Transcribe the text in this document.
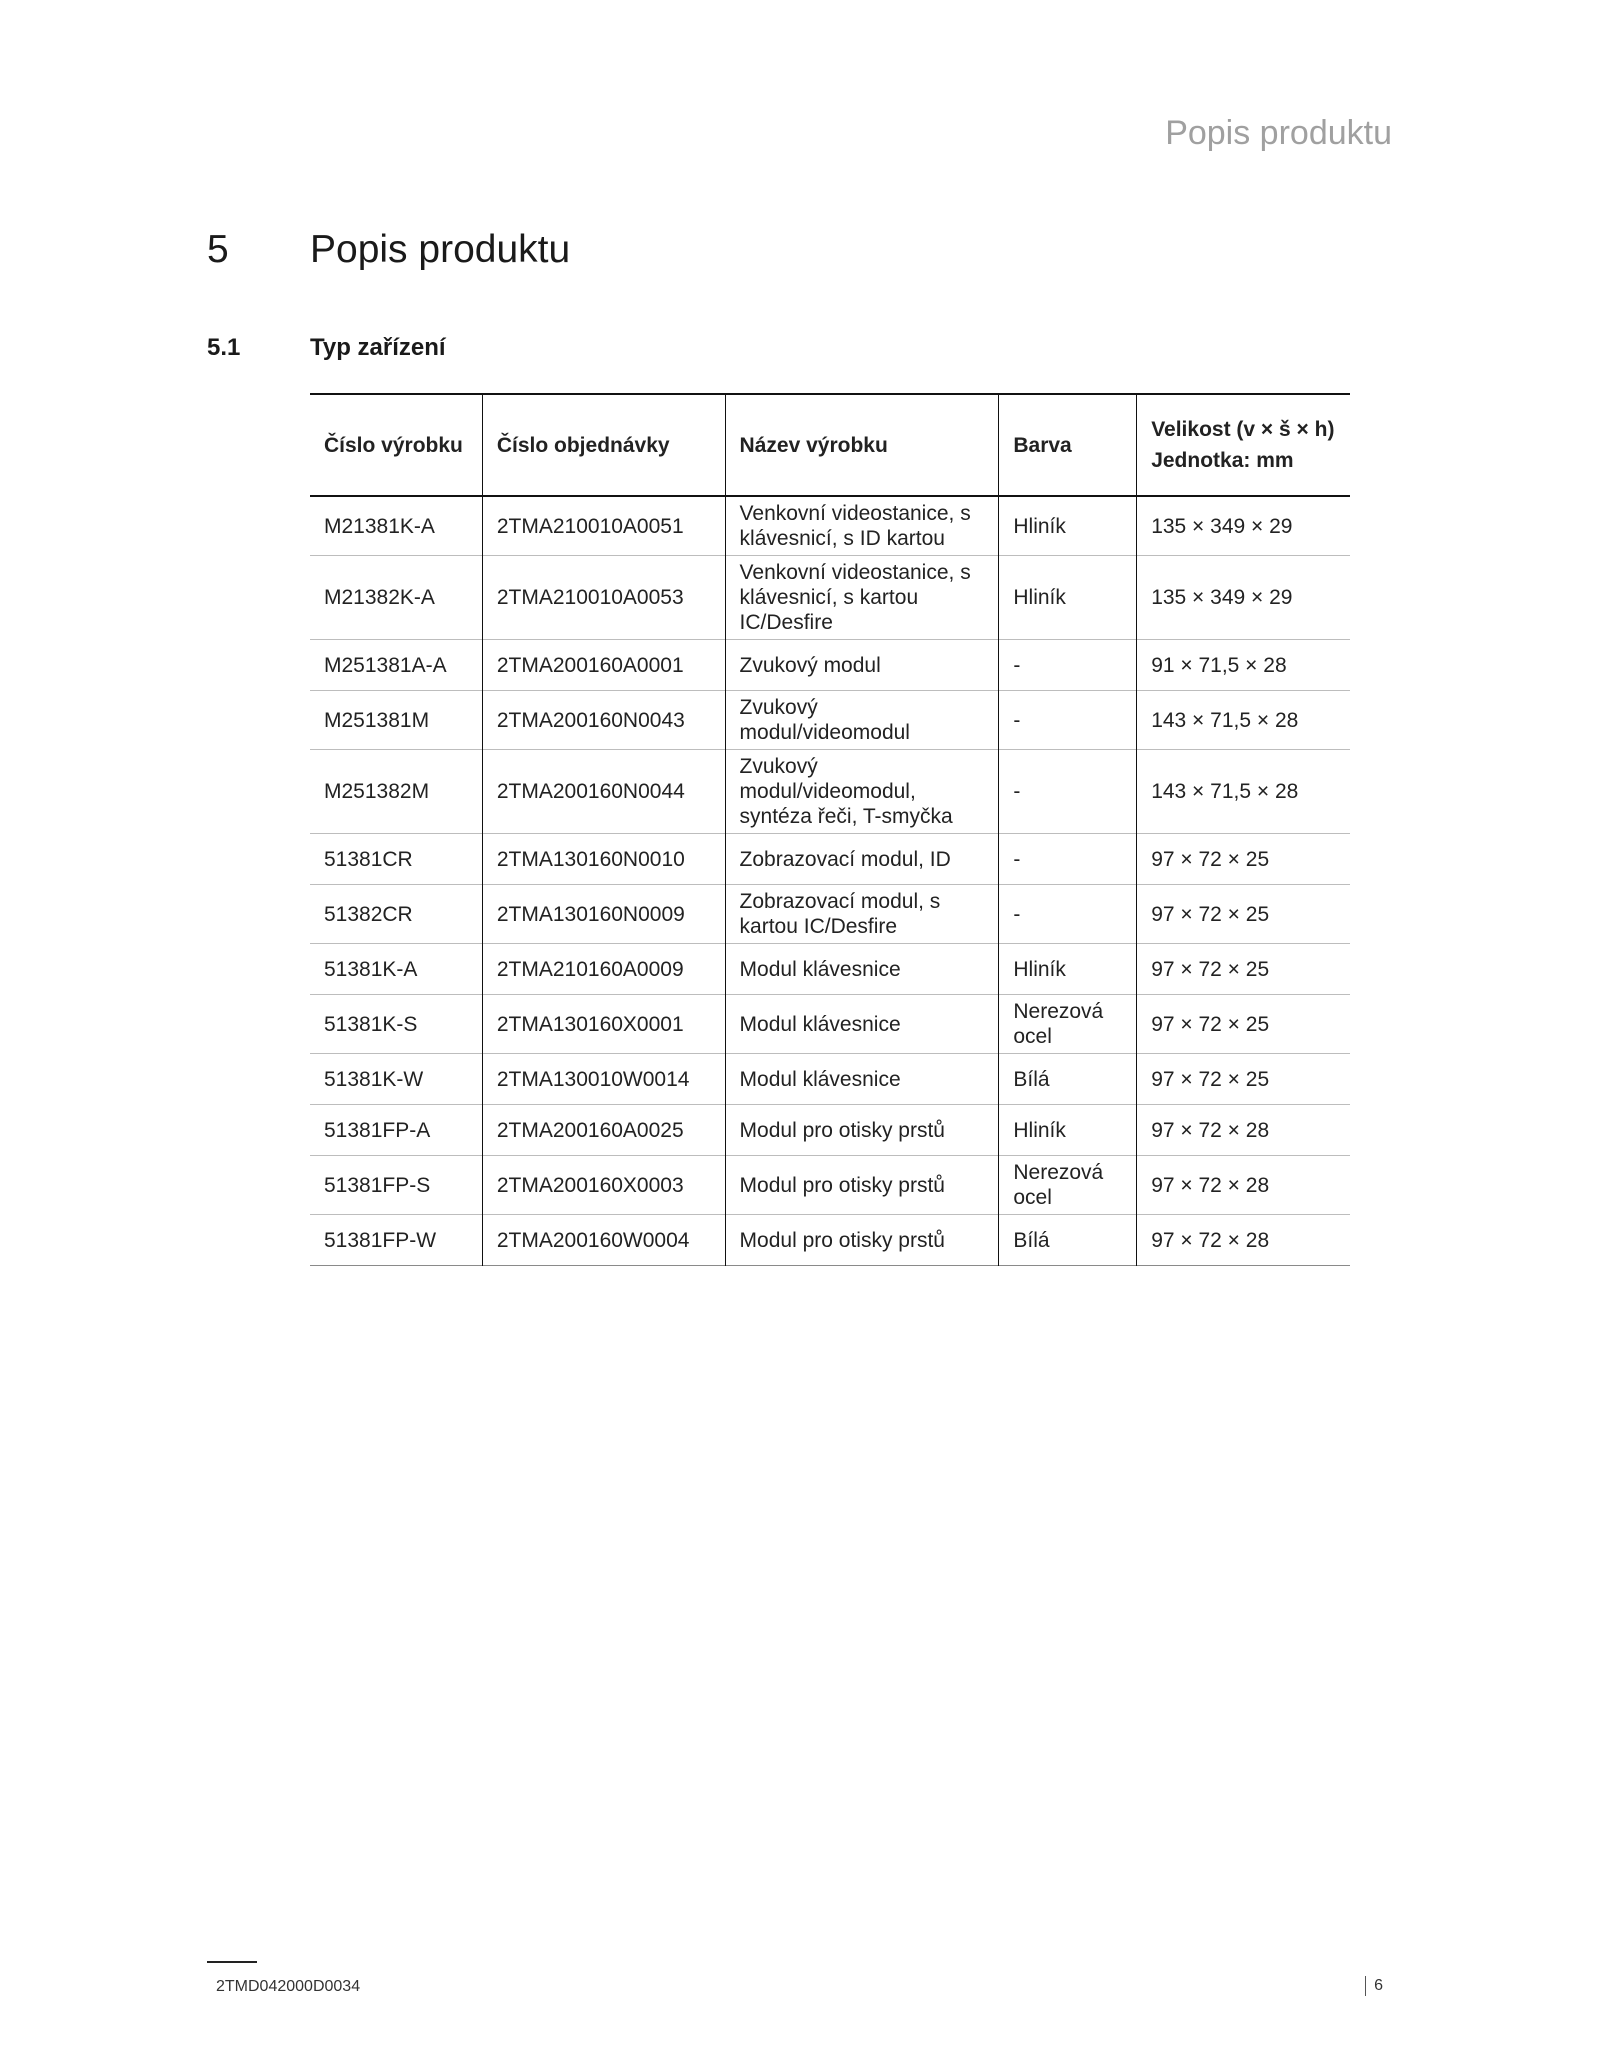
Popis produktu
5 Popis produktu
5.1	Typ zařízení
Číslo výrobku	Číslo objednávky	Název výrobku	Barva	Velikost (v × š × h)
Jednotka: mm

M21381K-A	2TMA210010A0051	Venkovní videostanice, s klávesnicí, s ID kartou	Hliník	135 × 349 × 29
M21382K-A	2TMA210010A0053	Venkovní videostanice, s klávesnicí, s kartou IC/Desfire	Hliník	135 × 349 × 29
M251381A-A	2TMA200160A0001	Zvukový modul	-	91 × 71,5 × 28
M251381M	2TMA200160N0043	Zvukový modul/videomodul	-	143 × 71,5 × 28
M251382M	2TMA200160N0044	Zvukový modul/videomodul, syntéza řeči, T-smyčka	-	143 × 71,5 × 28
51381CR	2TMA130160N0010	Zobrazovací modul, ID	-	97 × 72 × 25
51382CR	2TMA130160N0009	Zobrazovací modul, s kartou IC/Desfire	-	97 × 72 × 25
51381K-A	2TMA210160A0009	Modul klávesnice	Hliník	97 × 72 × 25
51381K-S	2TMA130160X0001	Modul klávesnice	Nerezová ocel	97 × 72 × 25
51381K-W	2TMA130010W0014	Modul klávesnice	Bílá	97 × 72 × 25
51381FP-A	2TMA200160A0025	Modul pro otisky prstů	Hliník	97 × 72 × 28
51381FP-S	2TMA200160X0003	Modul pro otisky prstů	Nerezová ocel	97 × 72 × 28
51381FP-W	2TMA200160W0004	Modul pro otisky prstů	Bílá	97 × 72 × 28
2TMD042000D0034	6
